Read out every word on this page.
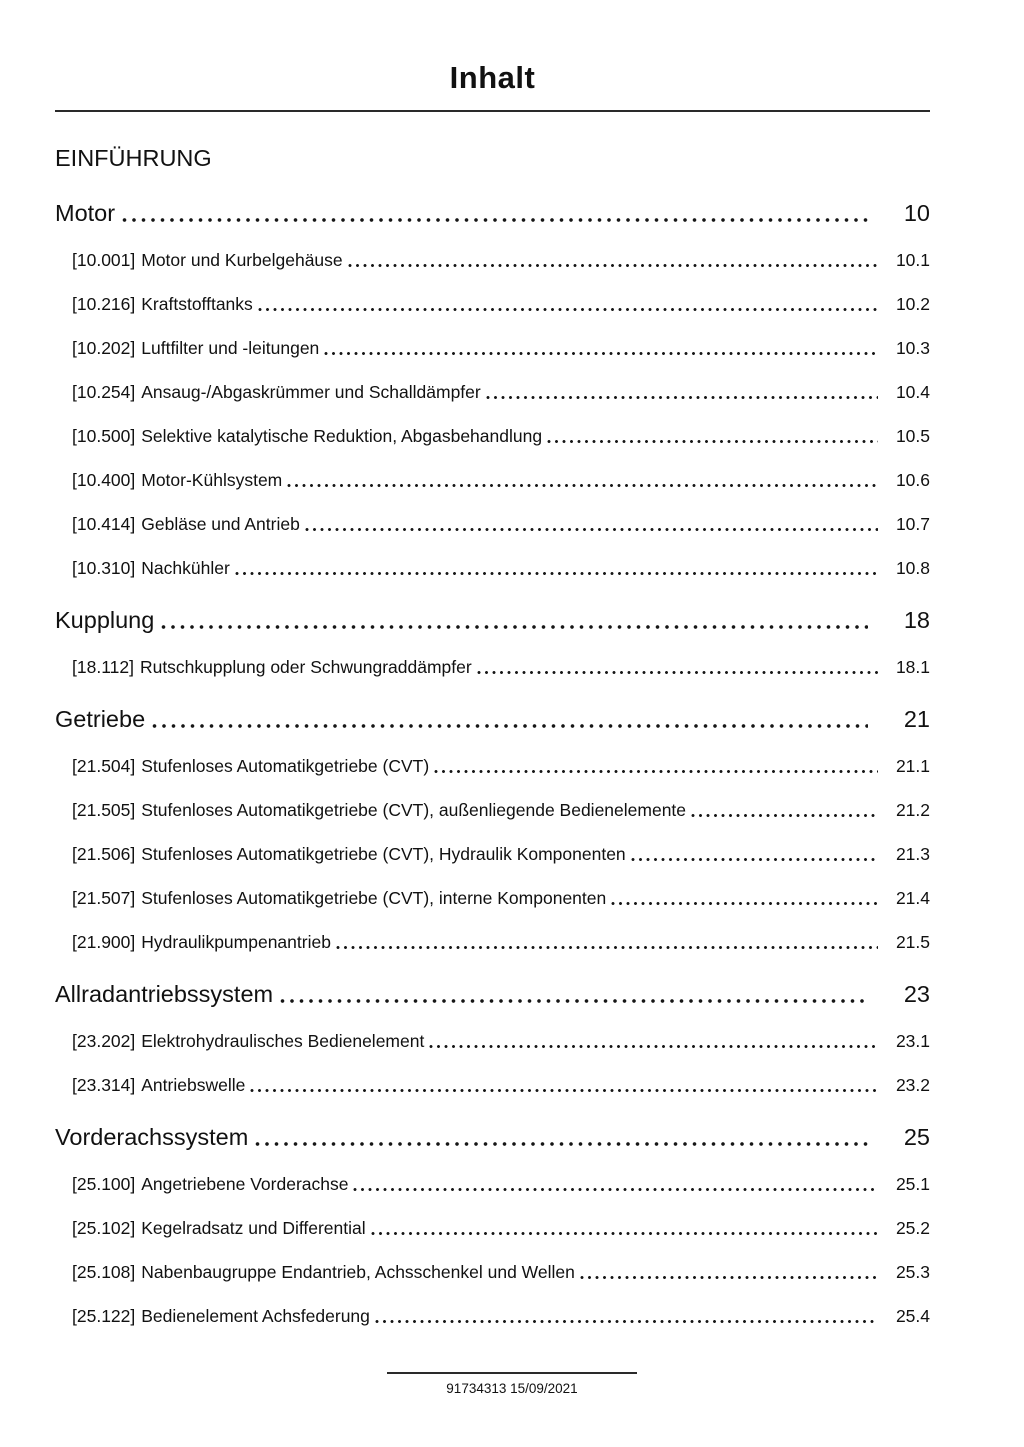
Inhalt
EINFÜHRUNG
Motor	10
[10.001] Motor und Kurbelgehäuse	10.1
[10.216] Kraftstofftanks	10.2
[10.202] Luftfilter und -leitungen	10.3
[10.254] Ansaug-/Abgaskrümmer und Schalldämpfer	10.4
[10.500] Selektive katalytische Reduktion, Abgasbehandlung	10.5
[10.400] Motor-Kühlsystem	10.6
[10.414] Gebläse und Antrieb	10.7
[10.310] Nachkühler	10.8
Kupplung	18
[18.112] Rutschkupplung oder Schwungraddämpfer	18.1
Getriebe	21
[21.504] Stufenloses Automatikgetriebe (CVT)	21.1
[21.505] Stufenloses Automatikgetriebe (CVT), außenliegende Bedienelemente	21.2
[21.506] Stufenloses Automatikgetriebe (CVT), Hydraulik Komponenten	21.3
[21.507] Stufenloses Automatikgetriebe (CVT), interne Komponenten	21.4
[21.900] Hydraulikpumpenantrieb	21.5
Allradantriebssystem	23
[23.202] Elektrohydraulisches Bedienelement	23.1
[23.314] Antriebswelle	23.2
Vorderachssystem	25
[25.100] Angetriebene Vorderachse	25.1
[25.102] Kegelradsatz und Differential	25.2
[25.108] Nabenbaugruppe Endantrieb, Achsschenkel und Wellen	25.3
[25.122] Bedienelement Achsfederung	25.4
91734313 15/09/2021
